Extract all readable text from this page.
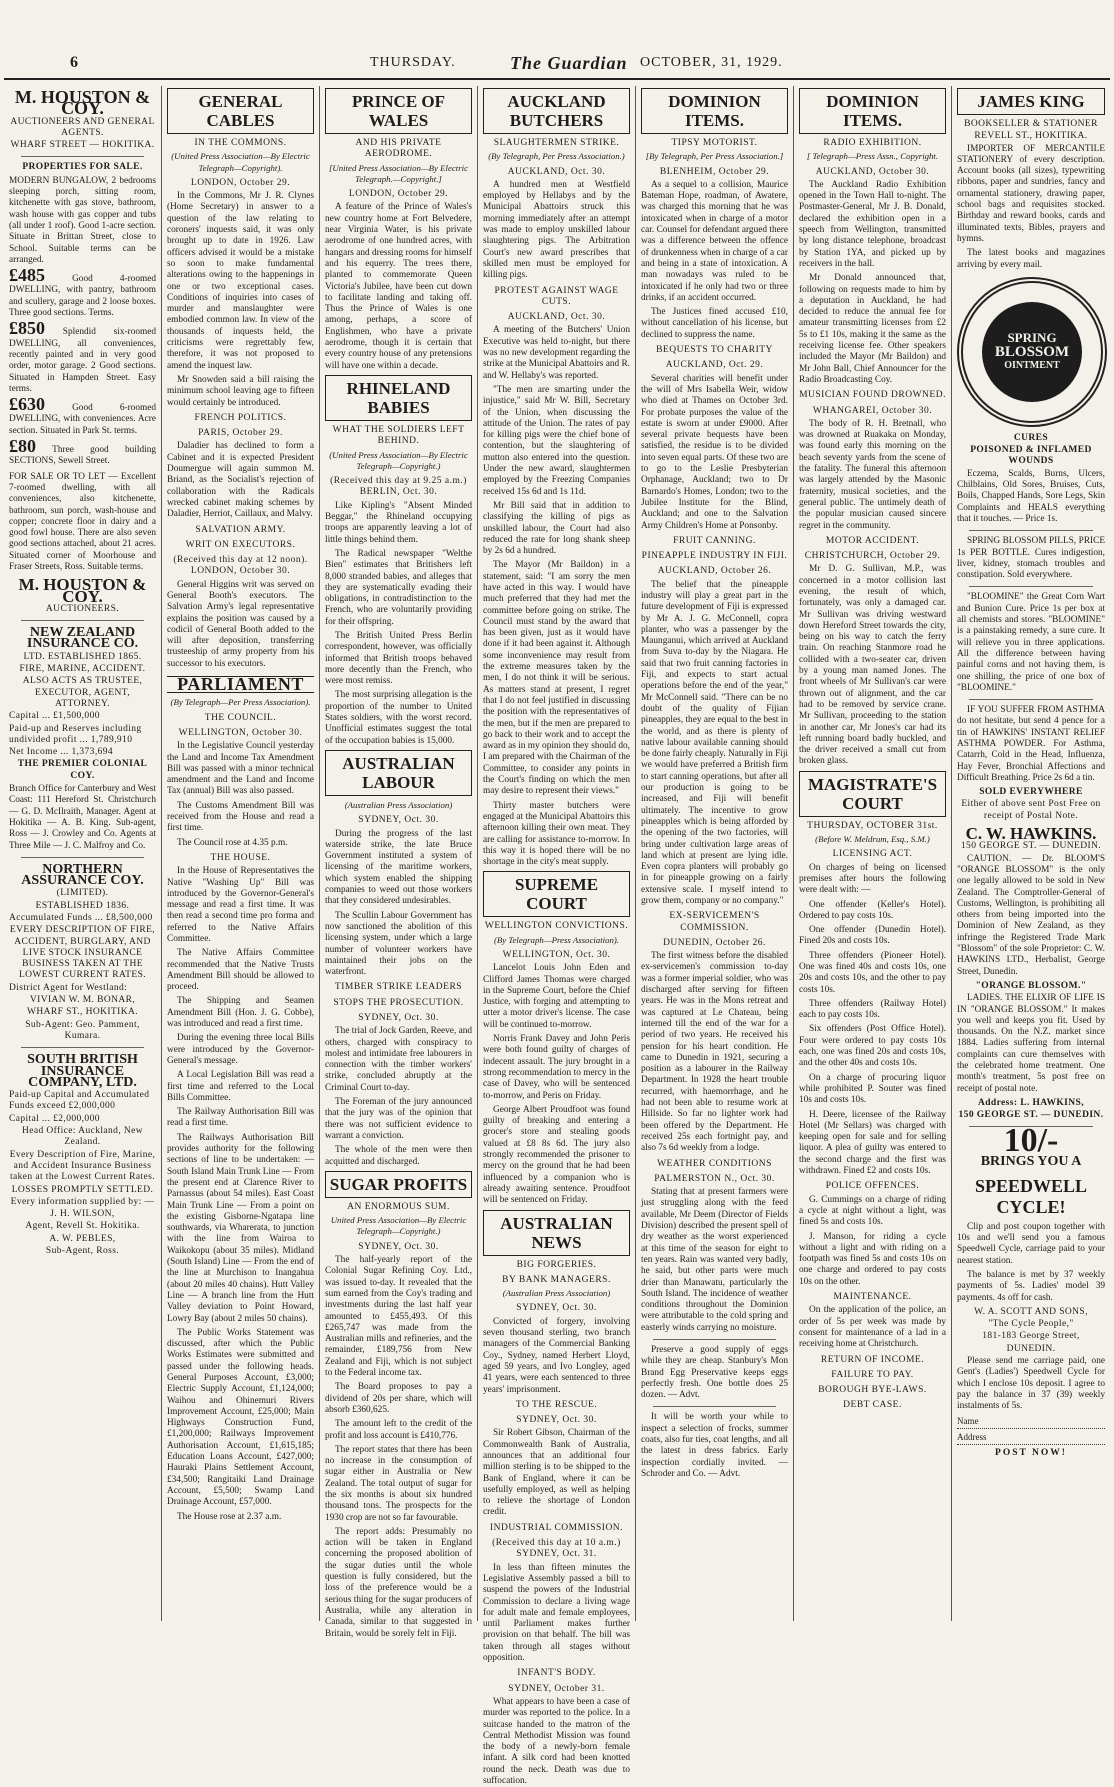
6	THURSDAY.	The Guardian OCTOBER, 31, 1929.
M. HOUSTON & COY.
AUCTIONEERS AND GENERAL AGENTS.
WHARF STREET — HOKITIKA.
PROPERTIES FOR SALE.

MODERN BUNGALOW, 2 bedrooms sleeping porch, sitting room, kitchenette with gas stove, bathroom, wash house with gas copper and tubs (all under 1 roof). Good 1-acre section. Situate in Brittan Street, close to School. Suitable terms can be arranged.

£485	Good 4-roomed DWELLING, with pantry, bathroom and scullery, garage and 2 loose boxes. Three good sections. Terms.

£850 Splendid six-roomed DWELLING, all conveniences, recently painted and in very good order, motor garage. 2 Good sections. Situated in Hampden Street. Easy terms.

£630	Good 6-roomed DWELLING, with conveniences. Acre section. Situated in Park St. terms.

£80 Three good building SECTIONS, Sewell Street.

FOR SALE OR TO LET — Excellent 7-roomed dwelling, with all conveniences, also kitchenette, bathroom, sun porch, wash-house and copper; concrete floor in dairy and a good fowl house. There are also seven good sections attached, about 21 acres. Situated corner of Moorhouse and Fraser Streets, Ross. Suitable terms.

M. HOUSTON & COY.
AUCTIONEERS.
NEW ZEALAND INSURANCE CO.
LTD. ESTABLISHED 1865.
FIRE, MARINE, ACCIDENT.
ALSO ACTS AS TRUSTEE, EXECUTOR, AGENT, ATTORNEY.
Capital ... £1,500,000
Paid-up and Reserves including undivided profit ... 1,789,910
Net Income ... 1,373,694
THE PREMIER COLONIAL COY.

Branch Office for Canterbury and West Coast: 111 Hereford St. Christchurch — G. D. McIlraith, Manager. Agent at Hokitika — A. B. King. Sub-agent, Ross — J. Crowley and Co. Agents at Three Mile — J. C. Malfroy and Co.

NORTHERN ASSURANCE COY.
(LIMITED).
ESTABLISHED 1836.
Accumulated Funds ... £8,500,000
EVERY DESCRIPTION OF FIRE, ACCIDENT, BURGLARY, AND LIVE STOCK INSURANCE BUSINESS TAKEN AT THE LOWEST CURRENT RATES.
District Agent for Westland:
VIVIAN W. M. BONAR,
WHARF ST., HOKITIKA.
Sub-Agent: Geo. Pamment, Kumara.
SOUTH BRITISH INSURANCE COMPANY, LTD.
Paid-up Capital and Accumulated Funds exceed £2,000,000
Capital ... £2,000,000
Head Office: Auckland, New Zealand.
Every Description of Fire, Marine, and Accident Insurance Business taken at the Lowest Current Rates.
LOSSES PROMPTLY SETTLED.
Every information supplied by: —
J. H. WILSON,
Agent, Revell St. Hokitika.
A. W. PEBLES,
Sub-Agent, Ross.
GENERAL CABLES
IN THE COMMONS.
(United Press Association—By Electric Telegraph—Copyright).
LONDON, October 29.

In the Commons, Mr J. R. Clynes (Home Secretary) in answer to a question of the law relating to coroners' inquests said, it was only brought up to date in 1926. Law officers advised it would be a mistake so soon to make fundamental alterations owing to the happenings in one or two exceptional cases. Conditions of inquiries into cases of murder and manslaughter were embodied common law. In view of the thousands of inquests held, the criticisms were regrettably few, therefore, it was not proposed to amend the inquest law.

Mr Snowden said a bill raising the minimum school leaving age to fifteen would certainly be introduced.

FRENCH POLITICS.
PARIS, October 29.

Daladier has declined to form a Cabinet and it is expected President Doumergue will again summon M. Briand, as the Socialist's rejection of collaboration with the Radicals wrecked cabinet making schemes by Daladier, Herriot, Caillaux, and Malvy.

SALVATION ARMY.
WRIT ON EXECUTORS.
(Received this day at 12 noon). LONDON, October 30.

General Higgins writ was served on General Booth's executors. The Salvation Army's legal representative explains the position was caused by a codicil of General Booth added to the will after deposition, transferring trusteeship of army property from his successor to his executors.

PARLIAMENT
(By Telegraph—Per Press Association).
THE COUNCIL.
WELLINGTON, October 30.

In the Legislative Council yesterday the Land and Income Tax Amendment Bill was passed with a minor technical amendment and the Land and Income Tax (annual) Bill was also passed.

The Customs Amendment Bill was received from the House and read a first time.

The Council rose at 4.35 p.m.

THE HOUSE.

In the House of Representatives the Native "Washing Up" Bill was introduced by the Governor-General's message and read a first time. It was then read a second time pro forma and referred to the Native Affairs Committee.

The Native Affairs Committee recommended that the Native Trusts Amendment Bill should be allowed to proceed.

The Shipping and Seamen Amendment Bill (Hon. J. G. Cobbe), was introduced and read a first time.

During the evening three local Bills were introduced by the Governor-General's message.

A Local Legislation Bill was read a first time and referred to the Local Bills Committee.

The Railway Authorisation Bill was read a first time.

The Railways Authorisation Bill provides authority for the following sections of line to be undertaken: — South Island Main Trunk Line — From the present end at Clarence River to Parnassus (about 54 miles). East Coast Main Trunk Line — From a point on the existing Gisborne-Ngatapa line southwards, via Wharerata, to junction with the line from Wairoa to Waikokopu (about 35 miles). Midland (South Island) Line — From the end of the line at Murchison to Inangahua (about 20 miles 40 chains). Hutt Valley Line — A branch line from the Hutt Valley deviation to Point Howard, Lowry Bay (about 2 miles 50 chains).

The Public Works Statement was discussed, after which the Public Works Estimates were submitted and passed under the following heads. General Purposes Account, £3,000; Electric Supply Account, £1,124,000; Waihou and Ohinemuri Rivers Improvement Account, £25,000; Main Highways Construction Fund, £1,200,000; Railways Improvement Authorisation Account, £1,615,185; Education Loans Account, £427,000; Hauraki Plains Settlement Account, £34,500; Rangitaiki Land Drainage Account, £5,500; Swamp Land Drainage Account, £57,000.

The House rose at 2.37 a.m.

PRINCE OF WALES
AND HIS PRIVATE AERODROME.
[United Press Association—By Electric Telegraph.—Copyright.]
LONDON, October 29.

A feature of the Prince of Wales's new country home at Fort Belvedere, near Virginia Water, is his private aerodrome of one hundred acres, with hangars and dressing rooms for himself and his equerry. The trees there, planted to commemorate Queen Victoria's Jubilee, have been cut down to facilitate landing and taking off. Thus the Prince of Wales is one among, perhaps, a score of Englishmen, who have a private aerodrome, though it is certain that every country house of any pretensions will have one within a decade.

RHINELAND BABIES
WHAT THE SOLDIERS LEFT BEHIND.
(United Press Association—By Electric Telegraph—Copyright.)
(Received this day at 9.25 a.m.) BERLIN, Oct. 30.

Like Kipling's "Absent Minded Beggar," the Rhineland occupying troops are apparently leaving a lot of little things behind them.

The Radical newspaper "Welthe Bien" estimates that Britishers left 8,000 stranded babies, and alleges that they are systematically evading their obligations, in contradistinction to the French, who are voluntarily providing for their offspring.

The British United Press Berlin correspondent, however, was officially informed that British troops behaved more decently than the French, who were most remiss.

The most surprising allegation is the proportion of the number to United States soldiers, with the worst record. Unofficial estimates suggest the total of the occupation babies is 15,000.

AUSTRALIAN LABOUR
(Australian Press Association)
SYDNEY, Oct. 30.

During the progress of the last waterside strike, the late Bruce Government instituted a system of licensing of the maritime workers, which system enabled the shipping companies to weed out those workers that they considered undesirables.

The Scullin Labour Government has now sanctioned the abolition of this licensing system, under which a large number of volunteer workers have maintained their jobs on the waterfront.

TIMBER STRIKE LEADERS
STOPS THE PROSECUTION.
SYDNEY, Oct. 30.

The trial of Jock Garden, Reeve, and others, charged with conspiracy to molest and intimidate free labourers in connection with the timber workers' strike, concluded abruptly at the Criminal Court to-day.

The Foreman of the jury announced that the jury was of the opinion that there was not sufficient evidence to warrant a conviction.

The whole of the men were then acquitted and discharged.

SUGAR PROFITS
AN ENORMOUS SUM.
United Press Association—By Electric Telegraph—Copyright.)
SYDNEY, Oct. 30.

The half-yearly report of the Colonial Sugar Refining Coy. Ltd., was issued to-day. It revealed that the sum earned from the Coy's trading and investments during the last half year amounted to £455,493. Of this £265,747 was made from the Australian mills and refineries, and the remainder, £189,756 from New Zealand and Fiji, which is not subject to the Federal income tax.

The Board proposes to pay a dividend of 20s per share, which will absorb £360,625.

The amount left to the credit of the profit and loss account is £410,776.

The report states that there has been no increase in the consumption of sugar either in Australia or New Zealand. The total output of sugar for the six months is about six hundred thousand tons. The prospects for the 1930 crop are not so far favourable.

The report adds: Presumably no action will be taken in England concerning the proposed abolition of the sugar duties until the whole question is fully considered, but the loss of the preference would be a serious thing for the sugar producers of Australia, while any alteration in Canada, similar to that suggested in Britain, would be sorely felt in Fiji.

AUCKLAND BUTCHERS
SLAUGHTERMEN STRIKE.
(By Telegraph, Per Press Association.)
AUCKLAND, Oct. 30.

A hundred men at Westfield employed by Hellabys and by the Municipal Abattoirs struck this morning immediately after an attempt was made to employ unskilled labour slaughtering pigs. The Arbitration Court's new award prescribes that skilled men must be employed for killing pigs.

PROTEST AGAINST WAGE CUTS.
AUCKLAND, Oct. 30.

A meeting of the Butchers' Union Executive was held to-night, but there was no new development regarding the strike at the Municipal Abattoirs and R. and W. Hellaby's was reported.

"The men are smarting under the injustice," said Mr W. Bill, Secretary of the Union, when discussing the attitude of the Union. The rates of pay for killing pigs were the chief bone of contention, but the slaughtering of mutton also entered into the question. Under the new award, slaughtermen employed by the Freezing Companies received 15s 6d and 1s 11d.

Mr Bill said that in addition to classifying the killing of pigs as unskilled labour, the Court had also reduced the rate for long shank sheep by 2s 6d a hundred.

The Mayor (Mr Baildon) in a statement, said: "I am sorry the men have acted in this way. I would have much preferred that they had met the committee before going on strike. The Council must stand by the award that has been given, just as it would have done if it had been against it. Although some inconvenience may result from the extreme measures taken by the men, I do not think it will be serious. As matters stand at present, I regret that I do not feel justified in discussing the position with the representatives of the men, but if the men are prepared to go back to their work and to accept the award as in my opinion they should do, I am prepared with the Chairman of the Committee, to consider any points in the Court's finding on which the men may desire to represent their views."

Thirty master butchers were engaged at the Municipal Abattoirs this afternoon killing their own meat. They are calling for assistance to-morrow. In this way it is hoped there will be no shortage in the city's meat supply.

SUPREME COURT
WELLINGTON CONVICTIONS.
(By Telegraph—Press Association).
WELLINGTON, Oct. 30.

Lancelot Louis John Eden and Clifford James Thomas were charged in the Supreme Court, before the Chief Justice, with forging and attempting to utter a motor driver's license. The case will be continued to-morrow.

Norris Frank Davey and John Peris were both found guilty of charges of indecent assault. The jury brought in a strong recommendation to mercy in the case of Davey, who will be sentenced to-morrow, and Peris on Friday.

George Albert Proudfoot was found guilty of breaking and entering a grocer's store and stealing goods valued at £8 8s 6d. The jury also strongly recommended the prisoner to mercy on the ground that he had been influenced by a companion who is already awaiting sentence. Proudfoot will be sentenced on Friday.

AUSTRALIAN NEWS
BIG FORGERIES.
BY BANK MANAGERS.
(Australian Press Association)
SYDNEY, Oct. 30.

Convicted of forgery, involving seven thousand sterling, two branch managers of the Commercial Banking Coy., Sydney, named Herbert Lloyd, aged 59 years, and Ivo Longley, aged 41 years, were each sentenced to three years' imprisonment.

TO THE RESCUE.
SYDNEY, Oct. 30.

Sir Robert Gibson, Chairman of the Commonwealth Bank of Australia, announces that an additional four million sterling is to be shipped to the Bank of England, where it can be usefully employed, as well as helping to relieve the shortage of London credit.

INDUSTRIAL COMMISSION.
(Received this day at 10 a.m.) SYDNEY, Oct. 31.

In less than fifteen minutes the Legislative Assembly passed a bill to suspend the powers of the Industrial Commission to declare a living wage for adult male and female employees, until Parliament makes further provision on that behalf. The bill was taken through all stages without opposition.

INFANT'S BODY.
SYDNEY, October 31.

What appears to have been a case of murder was reported to the police. In a suitcase handed to the matron of the Central Methodist Mission was found the body of a newly-born female infant. A silk cord had been knotted round the neck. Death was due to suffocation.

DOMINION ITEMS.
TIPSY MOTORIST.
[By Telegraph, Per Press Association.]
BLENHEIM, October 29.

As a sequel to a collision, Maurice Bateman Hope, roadman, of Awatere, was charged this morning that he was intoxicated when in charge of a motor car. Counsel for defendant argued there was a difference between the offence of drunkenness when in charge of a car and being in a state of intoxication. A man nowadays was ruled to be intoxicated if he only had two or three drinks, if an accident occurred.

The Justices fined accused £10, without cancellation of his license, but declined to suppress the name.

BEQUESTS TO CHARITY
AUCKLAND, Oct. 29.

Several charities will benefit under the will of Mrs Isabella Weir, widow who died at Thames on October 3rd. For probate purposes the value of the estate is sworn at under £9000. After several private bequests have been satisfied, the residue is to be divided into seven equal parts. Of these two are to go to the Leslie Presbyterian Orphanage, Auckland; two to Dr Barnardo's Homes, London; two to the Jubilee Institute for the Blind, Auckland; and one to the Salvation Army Children's Home at Ponsonby.

FRUIT CANNING.
PINEAPPLE INDUSTRY IN FIJI.
AUCKLAND, October 26.

The belief that the pineapple industry will play a great part in the future development of Fiji is expressed by Mr A. J. G. McConnell, copra planter, who was a passenger by the Maunganui, which arrived at Auckland from Suva to-day by the Niagara. He said that two fruit canning factories in Fiji, and expects to start actual operations before the end of the year," Mr McConnell said. "There can be no doubt of the quality of Fijian pineapples, they are equal to the best in the world, and as there is plenty of native labour available canning should be done fairly cheaply. Naturally in Fiji we would have preferred a British firm to start canning operations, but after all our production is going to be increased, and Fiji will benefit ultimately. The incentive to grow pineapples which is being afforded by the opening of the two factories, will bring under cultivation large areas of land which at present are lying idle. Even copra planters will probably go in for pineapple growing on a fairly extensive scale. I myself intend to grow them, company or no company."

EX-SERVICEMEN'S COMMISSION.
DUNEDIN, October 26.

The first witness before the disabled ex-servicemen's commission to-day was a former imperial soldier, who was discharged after serving for fifteen years. He was in the Mons retreat and was captured at Le Chateau, being interned till the end of the war for a period of two years. He received his pension for his heart condition. He came to Dunedin in 1921, securing a position as a labourer in the Railway Department. In 1928 the heart trouble recurred, with haemorrhage, and he had not been able to resume work at Hillside. So far no lighter work had been offered by the Department. He received 25s each fortnight pay, and also 7s 6d weekly from a lodge.

WEATHER CONDITIONS
PALMERSTON N., Oct. 30.

Stating that at present farmers were just struggling along with the feed available, Mr Deem (Director of Fields Division) described the present spell of dry weather as the worst experienced at this time of the season for eight to ten years. Rain was wanted very badly, he said, but other parts were much drier than Manawatu, particularly the South Island. The incidence of weather conditions throughout the Dominion were attributable to the cold spring and easterly winds carrying no moisture.

Preserve a good supply of eggs while they are cheap. Stanbury's Mon Brand Egg Preservative keeps eggs perfectly fresh. One bottle does 25 dozen. — Advt.

It will be worth your while to inspect a selection of frocks, summer coats, also fur ties, coat lengths, and all the latest in dress fabrics. Early inspection cordially invited. — Schroder and Co. — Advt.

DOMINION ITEMS.
RADIO EXHIBITION.
[ Telegraph—Press Assn., Copyright.
AUCKLAND, October 30.

The Auckland Radio Exhibition opened in the Town Hall to-night. The Postmaster-General, Mr J. B. Donald, declared the exhibition open in a speech from Wellington, transmitted by long distance telephone, broadcast by Station 1YA, and picked up by receivers in the hall.

Mr Donald announced that, following on requests made to him by a deputation in Auckland, he had decided to reduce the annual fee for amateur transmitting licenses from £2 5s to £1 10s, making it the same as the receiving license fee. Other speakers included the Mayor (Mr Baildon) and Mr John Ball, Chief Announcer for the Radio Broadcasting Coy.

MUSICIAN FOUND DROWNED.
WHANGAREI, October 30.

The body of R. H. Bretnall, who was drowned at Ruakaka on Monday, was found early this morning on the beach seventy yards from the scene of the fatality. The funeral this afternoon was largely attended by the Masonic fraternity, musical societies, and the general public. The untimely death of the popular musician caused sincere regret in the community.

MOTOR ACCIDENT.
CHRISTCHURCH, October 29.

Mr D. G. Sullivan, M.P., was concerned in a motor collision last evening, the result of which, fortunately, was only a damaged car. Mr Sullivan was driving westward down Hereford Street towards the city, being on his way to catch the ferry train. On reaching Stanmore road he collided with a two-seater car, driven by a young man named Jones. The front wheels of Mr Sullivan's car were thrown out of alignment, and the car had to be removed by service crane. Mr Sullivan, proceeding to the station in another car, Mr Jones's car had its left running board badly buckled, and the driver received a small cut from broken glass.

MAGISTRATE'S COURT
THURSDAY, OCTOBER 31st.
(Before W. Meldrum, Esq., S.M.)
LICENSING ACT.

On charges of being on licensed premises after hours the following were dealt with: —

One offender (Keller's Hotel). Ordered to pay costs 10s.

One offender (Dunedin Hotel). Fined 20s and costs 10s.

Three offenders (Pioneer Hotel). One was fined 40s and costs 10s, one 20s and costs 10s, and the other to pay costs 10s.

Three offenders (Railway Hotel) each to pay costs 10s.

Six offenders (Post Office Hotel). Four were ordered to pay costs 10s each, one was fined 20s and costs 10s, and the other 40s and costs 10s.

On a charge of procuring liquor while prohibited P. Souter was fined 10s and costs 10s.

H. Deere, licensee of the Railway Hotel (Mr Sellars) was charged with keeping open for sale and for selling liquor. A plea of guilty was entered to the second charge and the first was withdrawn. Fined £2 and costs 10s.

POLICE OFFENCES.

G. Cummings on a charge of riding a cycle at night without a light, was fined 5s and costs 10s.

J. Manson, for riding a cycle without a light and with riding on a footpath was fined 5s and costs 10s on one charge and ordered to pay costs 10s on the other.

MAINTENANCE.

On the application of the police, an order of 5s per week was made by consent for maintenance of a lad in a receiving home at Christchurch.

RETURN OF INCOME.
FAILURE TO PAY.
BOROUGH BYE-LAWS.
DEBT CASE.
JAMES KING
BOOKSELLER & STATIONER
REVELL ST., HOKITIKA.

IMPORTER OF MERCANTILE STATIONERY of every description. Account books (all sizes), typewriting ribbons, paper and sundries, fancy and ornamental stationery, drawing paper, school bags and requisites stocked. Birthday and reward books, cards and illuminated texts, Bibles, prayers and hymns.

The latest books and magazines arriving by every mail.

SPRING
BLOSSOM
OINTMENT
CURES
POISONED & INFLAMED WOUNDS

Eczema, Scalds, Burns, Ulcers, Chilblains, Old Sores, Bruises, Cuts, Boils, Chapped Hands, Sore Legs, Skin Complaints and HEALS everything that it touches. — Price 1s.

SPRING BLOSSOM PILLS, PRICE 1s PER BOTTLE. Cures indigestion, liver, kidney, stomach troubles and constipation. Sold everywhere.

"BLOOMINE" the Great Corn Wart and Bunion Cure. Price 1s per box at all chemists and stores. "BLOOMINE" is a painstaking remedy, a sure cure. It will relieve you in three applications. All the difference between having painful corns and not having them, is one shilling, the price of one box of "BLOOMINE."

IF YOU SUFFER FROM ASTHMA do not hesitate, but send 4 pence for a tin of HAWKINS' INSTANT RELIEF ASTHMA POWDER. For Asthma, Catarrh, Cold in the Head, Influenza, Hay Fever, Bronchial Affections and Difficult Breathing. Price 2s 6d a tin.

SOLD EVERYWHERE
Either of above sent Post Free on receipt of Postal Note.
C. W. HAWKINS.
150 GEORGE ST. — DUNEDIN.

CAUTION. — Dr. BLOOM'S "ORANGE BLOSSOM" is the only one legally allowed to be sold in New Zealand. The Comptroller-General of Customs, Wellington, is prohibiting all others from being imported into the Dominion of New Zealand, as they infringe the Registered Trade Mark "Blossom" of the sole Proprietor: C. W. HAWKINS LTD., Herbalist, George Street, Dunedin.

"ORANGE BLOSSOM."

LADIES. THE ELIXIR OF LIFE IS IN "ORANGE BLOSSOM." It makes you well and keeps you fit. Used by thousands. On the N.Z. market since 1884. Ladies suffering from internal complaints can cure themselves with the celebrated home treatment. One month's treatment, 5s post free on receipt of postal note.

Address: L. HAWKINS,
150 GEORGE ST. — DUNEDIN.
10/-
BRINGS YOU A
SPEEDWELL CYCLE!

Clip and post coupon together with 10s and we'll send you a famous Speedwell Cycle, carriage paid to your nearest station.

The balance is met by 37 weekly payments of 5s. Ladies' model 39 payments. 4s off for cash.

W. A. SCOTT AND SONS,
"The Cycle People,"
181-183 George Street,
DUNEDIN.

Please send me carriage paid, one Gent's (Ladies') Speedwell Cycle for which I enclose 10s deposit. I agree to pay the balance in 37 (39) weekly instalments of 5s.

Name
Address
POST NOW!
